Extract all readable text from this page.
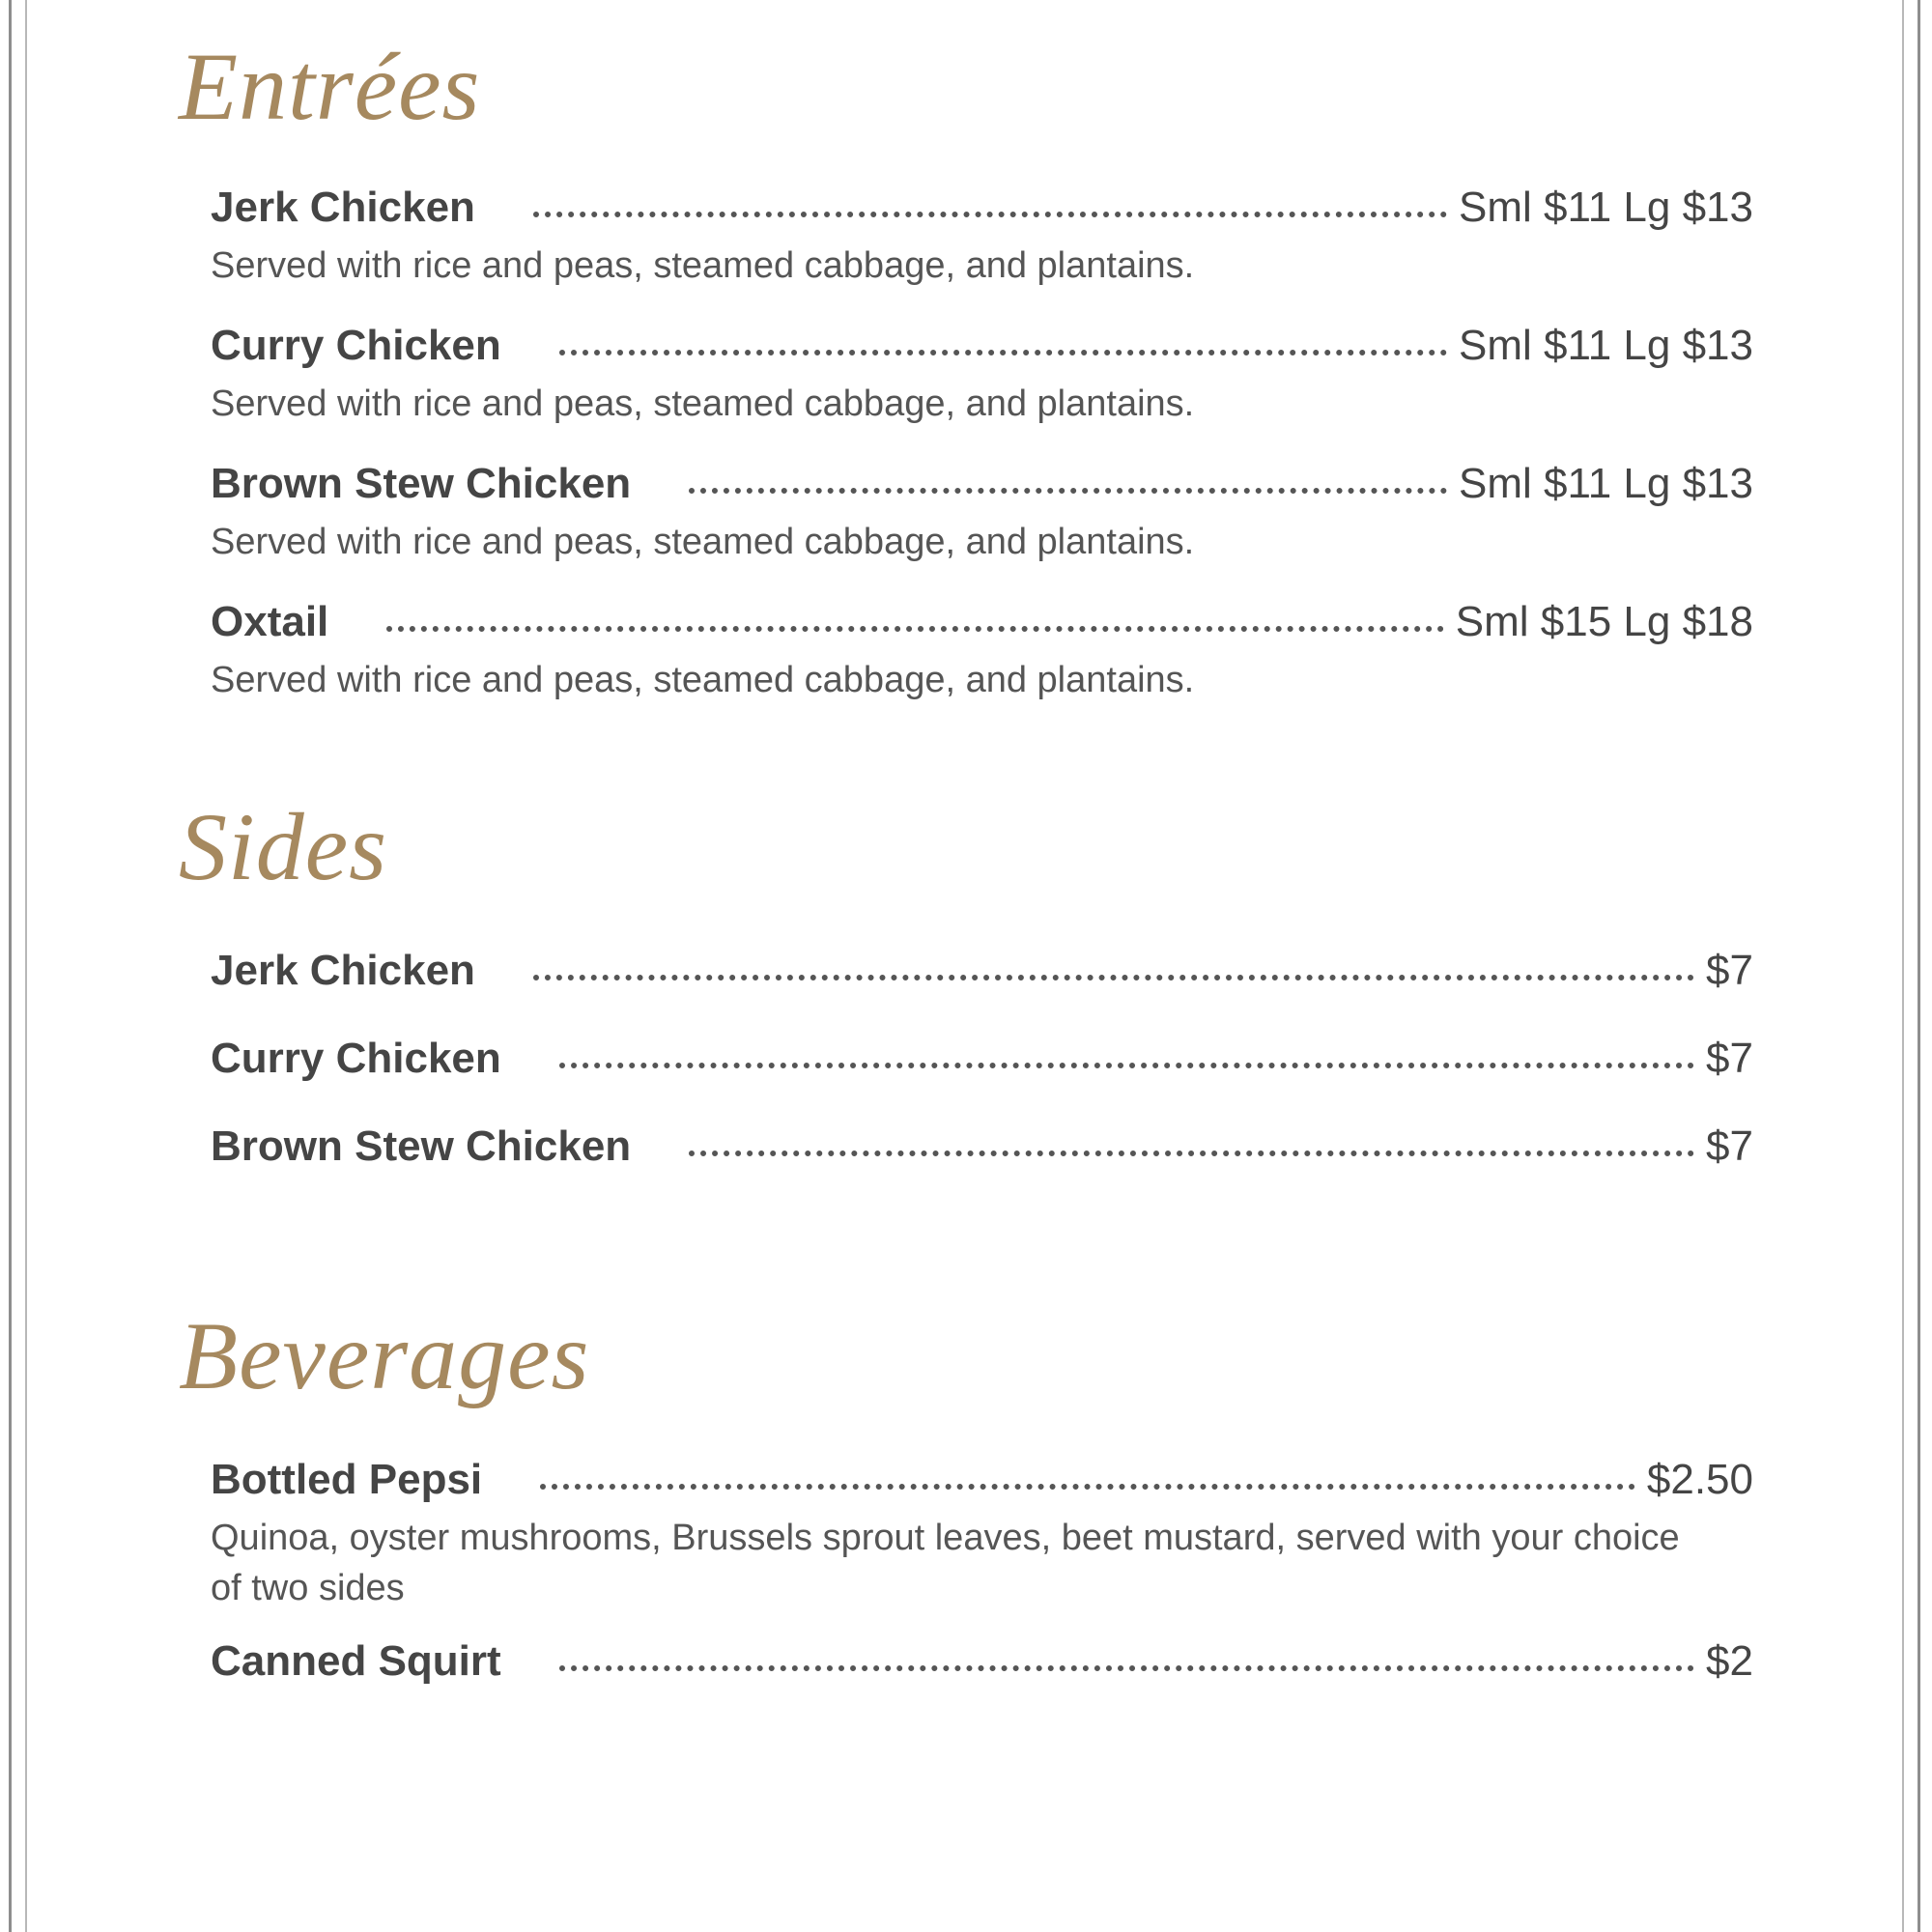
Entrées
Jerk Chicken	Sml $11 Lg $13
Served with rice and peas, steamed cabbage, and plantains.
Curry Chicken	Sml $11 Lg $13
Served with rice and peas, steamed cabbage, and plantains.
Brown Stew Chicken	Sml $11 Lg $13
Served with rice and peas, steamed cabbage, and plantains.
Oxtail	Sml $15 Lg $18
Served with rice and peas, steamed cabbage, and plantains.
Sides
Jerk Chicken	$7
Curry Chicken	$7
Brown Stew Chicken	$7
Beverages
Bottled Pepsi	$2.50
Quinoa, oyster mushrooms, Brussels sprout leaves, beet mustard, served with your choice of two sides
Canned Squirt	$2
